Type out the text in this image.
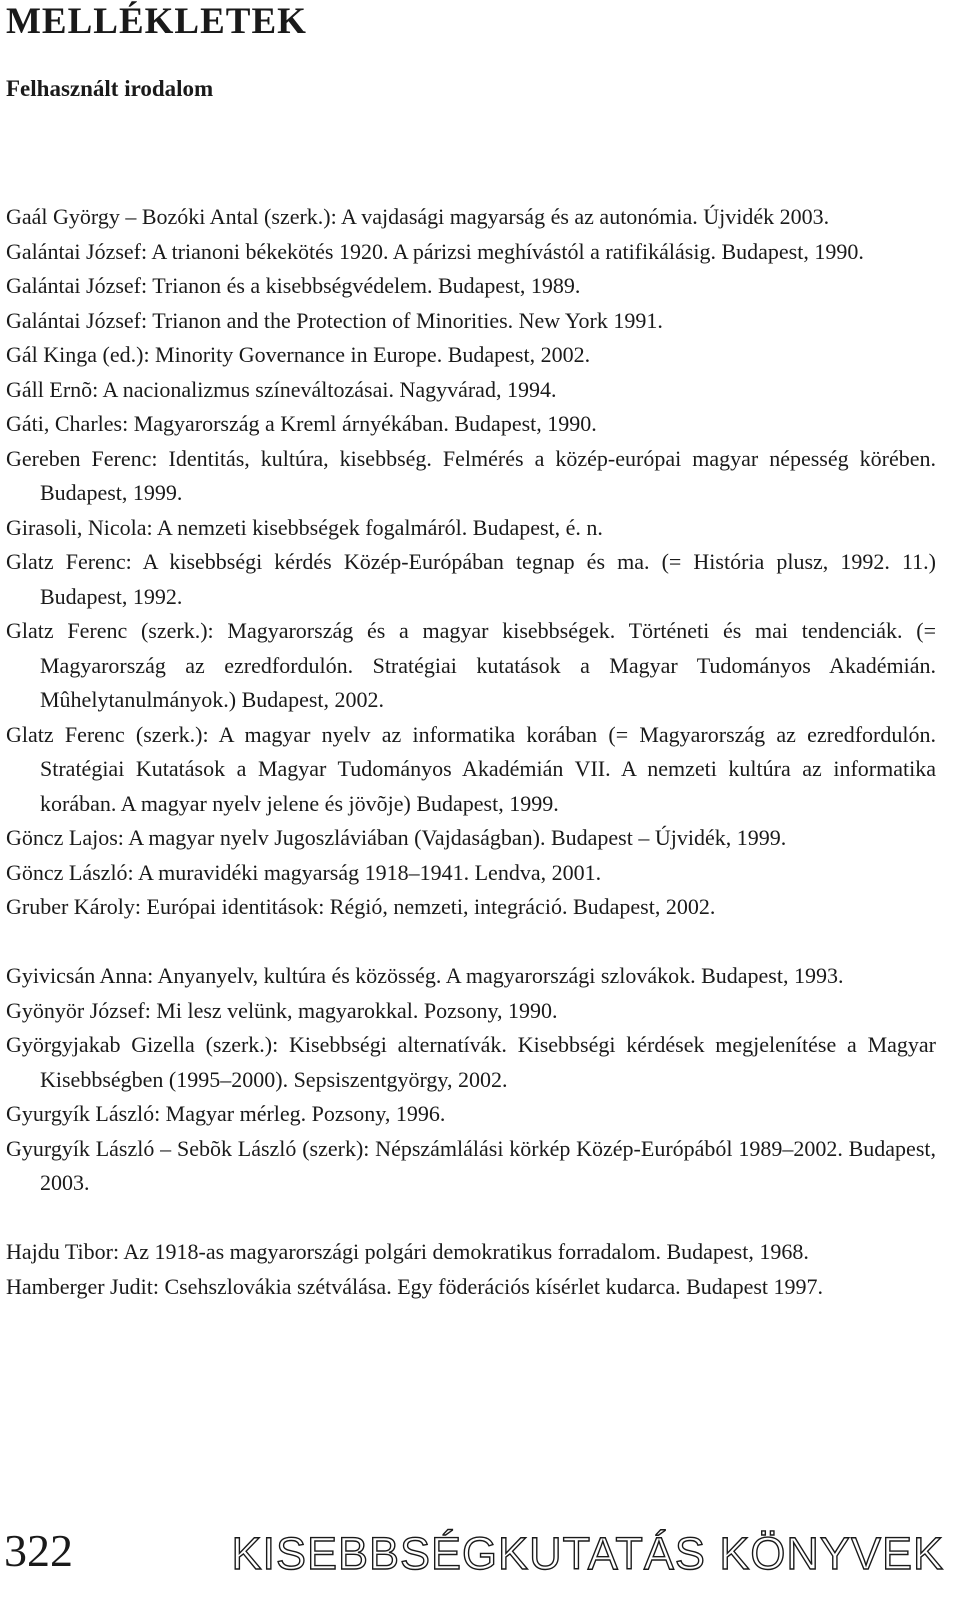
MELLÉKLETEK
Felhasznált irodalom
Gaál György – Bozóki Antal (szerk.): A vajdasági magyarság és az autonómia. Újvidék 2003.
Galántai József: A trianoni békekötés 1920. A párizsi meghívástól a ratifikálásig. Budapest, 1990.
Galántai József: Trianon és a kisebbségvédelem. Budapest, 1989.
Galántai József: Trianon and the Protection of Minorities. New York 1991.
Gál Kinga (ed.): Minority Governance in Europe. Budapest, 2002.
Gáll Ernõ: A nacionalizmus színeváltozásai. Nagyvárad, 1994.
Gáti, Charles: Magyarország a Kreml árnyékában. Budapest, 1990.
Gereben Ferenc: Identitás, kultúra, kisebbség. Felmérés a közép-európai magyar népesség körében. Budapest, 1999.
Girasoli, Nicola: A nemzeti kisebbségek fogalmáról. Budapest, é. n.
Glatz Ferenc: A kisebbségi kérdés Közép-Európában tegnap és ma. (= História plusz, 1992. 11.) Budapest, 1992.
Glatz Ferenc (szerk.): Magyarország és a magyar kisebbségek. Történeti és mai tendenciák. (= Magyarország az ezredfordulón. Stratégiai kutatások a Magyar Tudományos Akadémián. Mûhelytanulmányok.) Budapest, 2002.
Glatz Ferenc (szerk.): A magyar nyelv az informatika korában (= Magyarország az ezredfordulón. Stratégiai Kutatások a Magyar Tudományos Akadémián VII. A nemzeti kultúra az informatika korában. A magyar nyelv jelene és jövõje) Budapest, 1999.
Göncz Lajos: A magyar nyelv Jugoszláviában (Vajdaságban). Budapest – Újvidék, 1999.
Göncz László: A muravidéki magyarság 1918–1941. Lendva, 2001.
Gruber Károly: Európai identitások: Régió, nemzeti, integráció. Budapest, 2002.
Gyivicsán Anna: Anyanyelv, kultúra és közösség. A magyarországi szlovákok. Budapest, 1993.
Gyönyör József: Mi lesz velünk, magyarokkal. Pozsony, 1990.
Györgyjakab Gizella (szerk.): Kisebbségi alternatívák. Kisebbségi kérdések megjelenítése a Magyar Kisebbségben (1995–2000). Sepsiszentgyörgy, 2002.
Gyurgyík László: Magyar mérleg. Pozsony, 1996.
Gyurgyík László – Sebõk László (szerk): Népszámlálási körkép Közép-Európából 1989–2002. Budapest, 2003.
Hajdu Tibor: Az 1918-as magyarországi polgári demokratikus forradalom. Budapest, 1968.
Hamberger Judit: Csehszlovákia szétválása. Egy föderációs kísérlet kudarca. Budapest 1997.
322	KISEBBSÉGKUTATÁS KÖNYVEK
